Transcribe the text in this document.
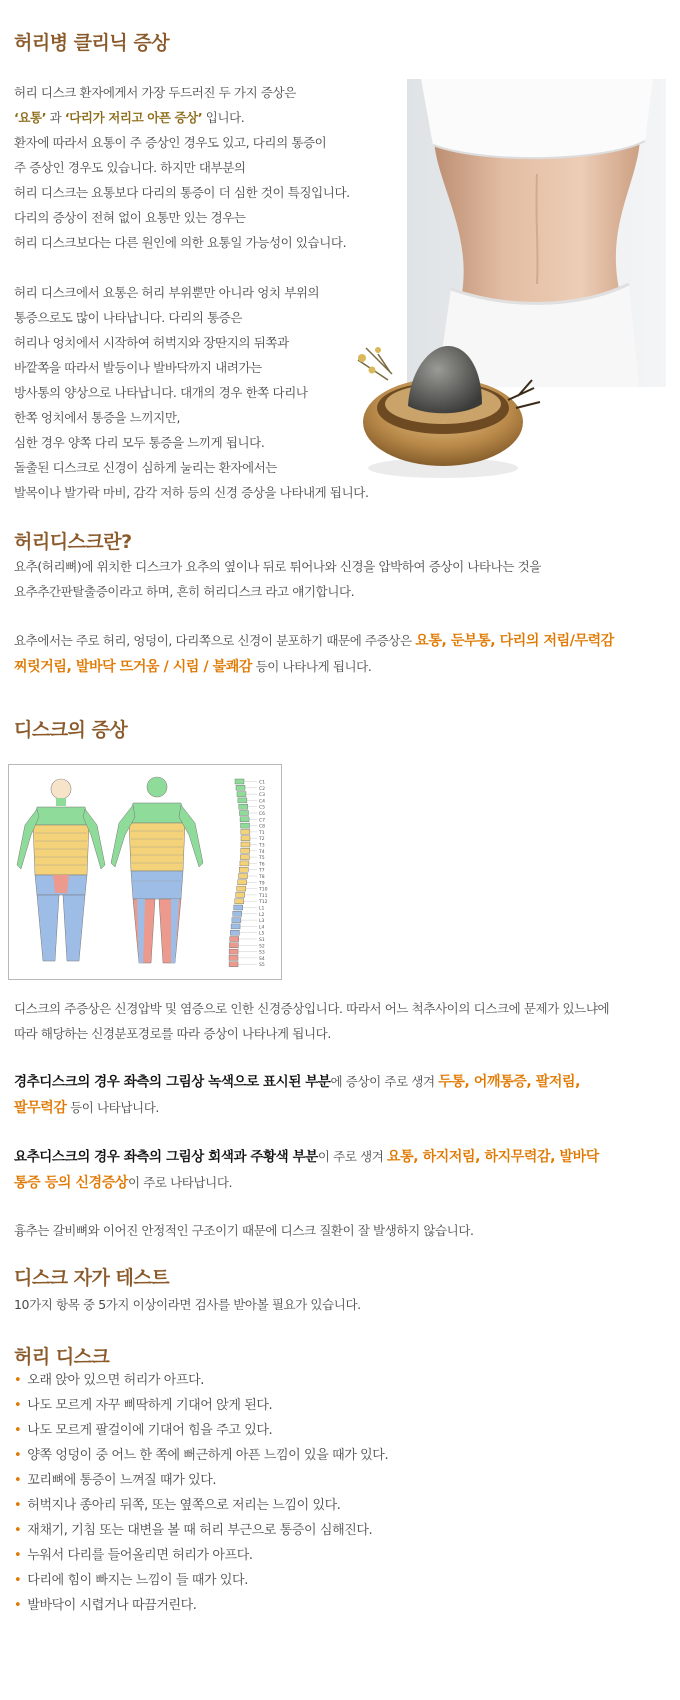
허리병 클리닉 증상
허리 디스크 환자에게서 가장 두드러진 두 가지 증상은
‘요통’ 과 ‘다리가 저리고 아픈 증상’ 입니다.
환자에 따라서 요통이 주 증상인 경우도 있고, 다리의 통증이
주 증상인 경우도 있습니다. 하지만 대부분의
허리 디스크는 요통보다 다리의 통증이 더 심한 것이 특징입니다.
다리의 증상이 전혀 없이 요통만 있는 경우는
허리 디스크보다는 다른 원인에 의한 요통일 가능성이 있습니다.
허리 디스크에서 요통은 허리 부위뿐만 아니라 엉치 부위의
통증으로도 많이 나타납니다. 다리의 통증은
허리나 엉치에서 시작하여 허벅지와 장딴지의 뒤쪽과
바깥쪽을 따라서 발등이나 발바닥까지 내려가는
방사통의 양상으로 나타납니다. 대개의 경우 한쪽 다리나
한쪽 엉치에서 통증을 느끼지만,
심한 경우 양쪽 다리 모두 통증을 느끼게 됩니다.
돌출된 디스크로 신경이 심하게 눌리는 환자에서는
발목이나 발가락 마비, 감각 저하 등의 신경 증상을 나타내게 됩니다.
허리디스크란?
요추(허리뼈)에 위치한 디스크가 요추의 옆이나 뒤로 튀어나와 신경을 압박하여 증상이 나타나는 것을
요추추간판탈출증이라고 하며, 흔히 허리디스크 라고 얘기합니다.
요추에서는 주로 허리, 엉덩이, 다리쪽으로 신경이 분포하기 때문에 주증상은 요통, 둔부통, 다리의 저림/무력감
찌릿거림, 발바닥 뜨거움 / 시림 / 불쾌감 등이 나타나게 됩니다.
디스크의 증상
C1
C2
C3
C4
C5
C6
C7
C8
T1
T2
T3
T4
T5
T6
T7
T8
T9
T10
T11
T12
L1
L2
L3
L4
L5
S1
S2
S3
S4
S5
디스크의 주증상은 신경압박 및 염증으로 인한 신경증상입니다. 따라서 어느 척추사이의 디스크에 문제가 있느냐에
따라 해당하는 신경분포경로를 따라 증상이 나타나게 됩니다.
경추디스크의 경우 좌측의 그림상 녹색으로 표시된 부분에 증상이 주로 생겨 두통, 어깨통증, 팔저림,
팔무력감 등이 나타납니다.
요추디스크의 경우 좌측의 그림상 회색과 주황색 부분이 주로 생겨 요통, 하지저림, 하지무력감, 발바닥
통증 등의 신경증상이 주로 나타납니다.
흉추는 갈비뼈와 이어진 안정적인 구조이기 때문에 디스크 질환이 잘 발생하지 않습니다.
디스크 자가 테스트
10가지 항목 중 5가지 이상이라면 검사를 받아볼 필요가 있습니다.
허리 디스크
• 오래 앉아 있으면 허리가 아프다.
• 나도 모르게 자꾸 삐딱하게 기대어 앉게 된다.
• 나도 모르게 팔걸이에 기대어 힘을 주고 있다.
• 양쪽 엉덩이 중 어느 한 쪽에 뻐근하게 아픈 느낌이 있을 때가 있다.
• 꼬리뼈에 통증이 느껴질 때가 있다.
• 허벅지나 종아리 뒤쪽, 또는 옆쪽으로 저리는 느낌이 있다.
• 재채기, 기침 또는 대변을 볼 때 허리 부근으로 통증이 심해진다.
• 누워서 다리를 들어올리면 허리가 아프다.
• 다리에 힘이 빠지는 느낌이 들 때가 있다.
• 발바닥이 시렵거나 따끔거린다.
